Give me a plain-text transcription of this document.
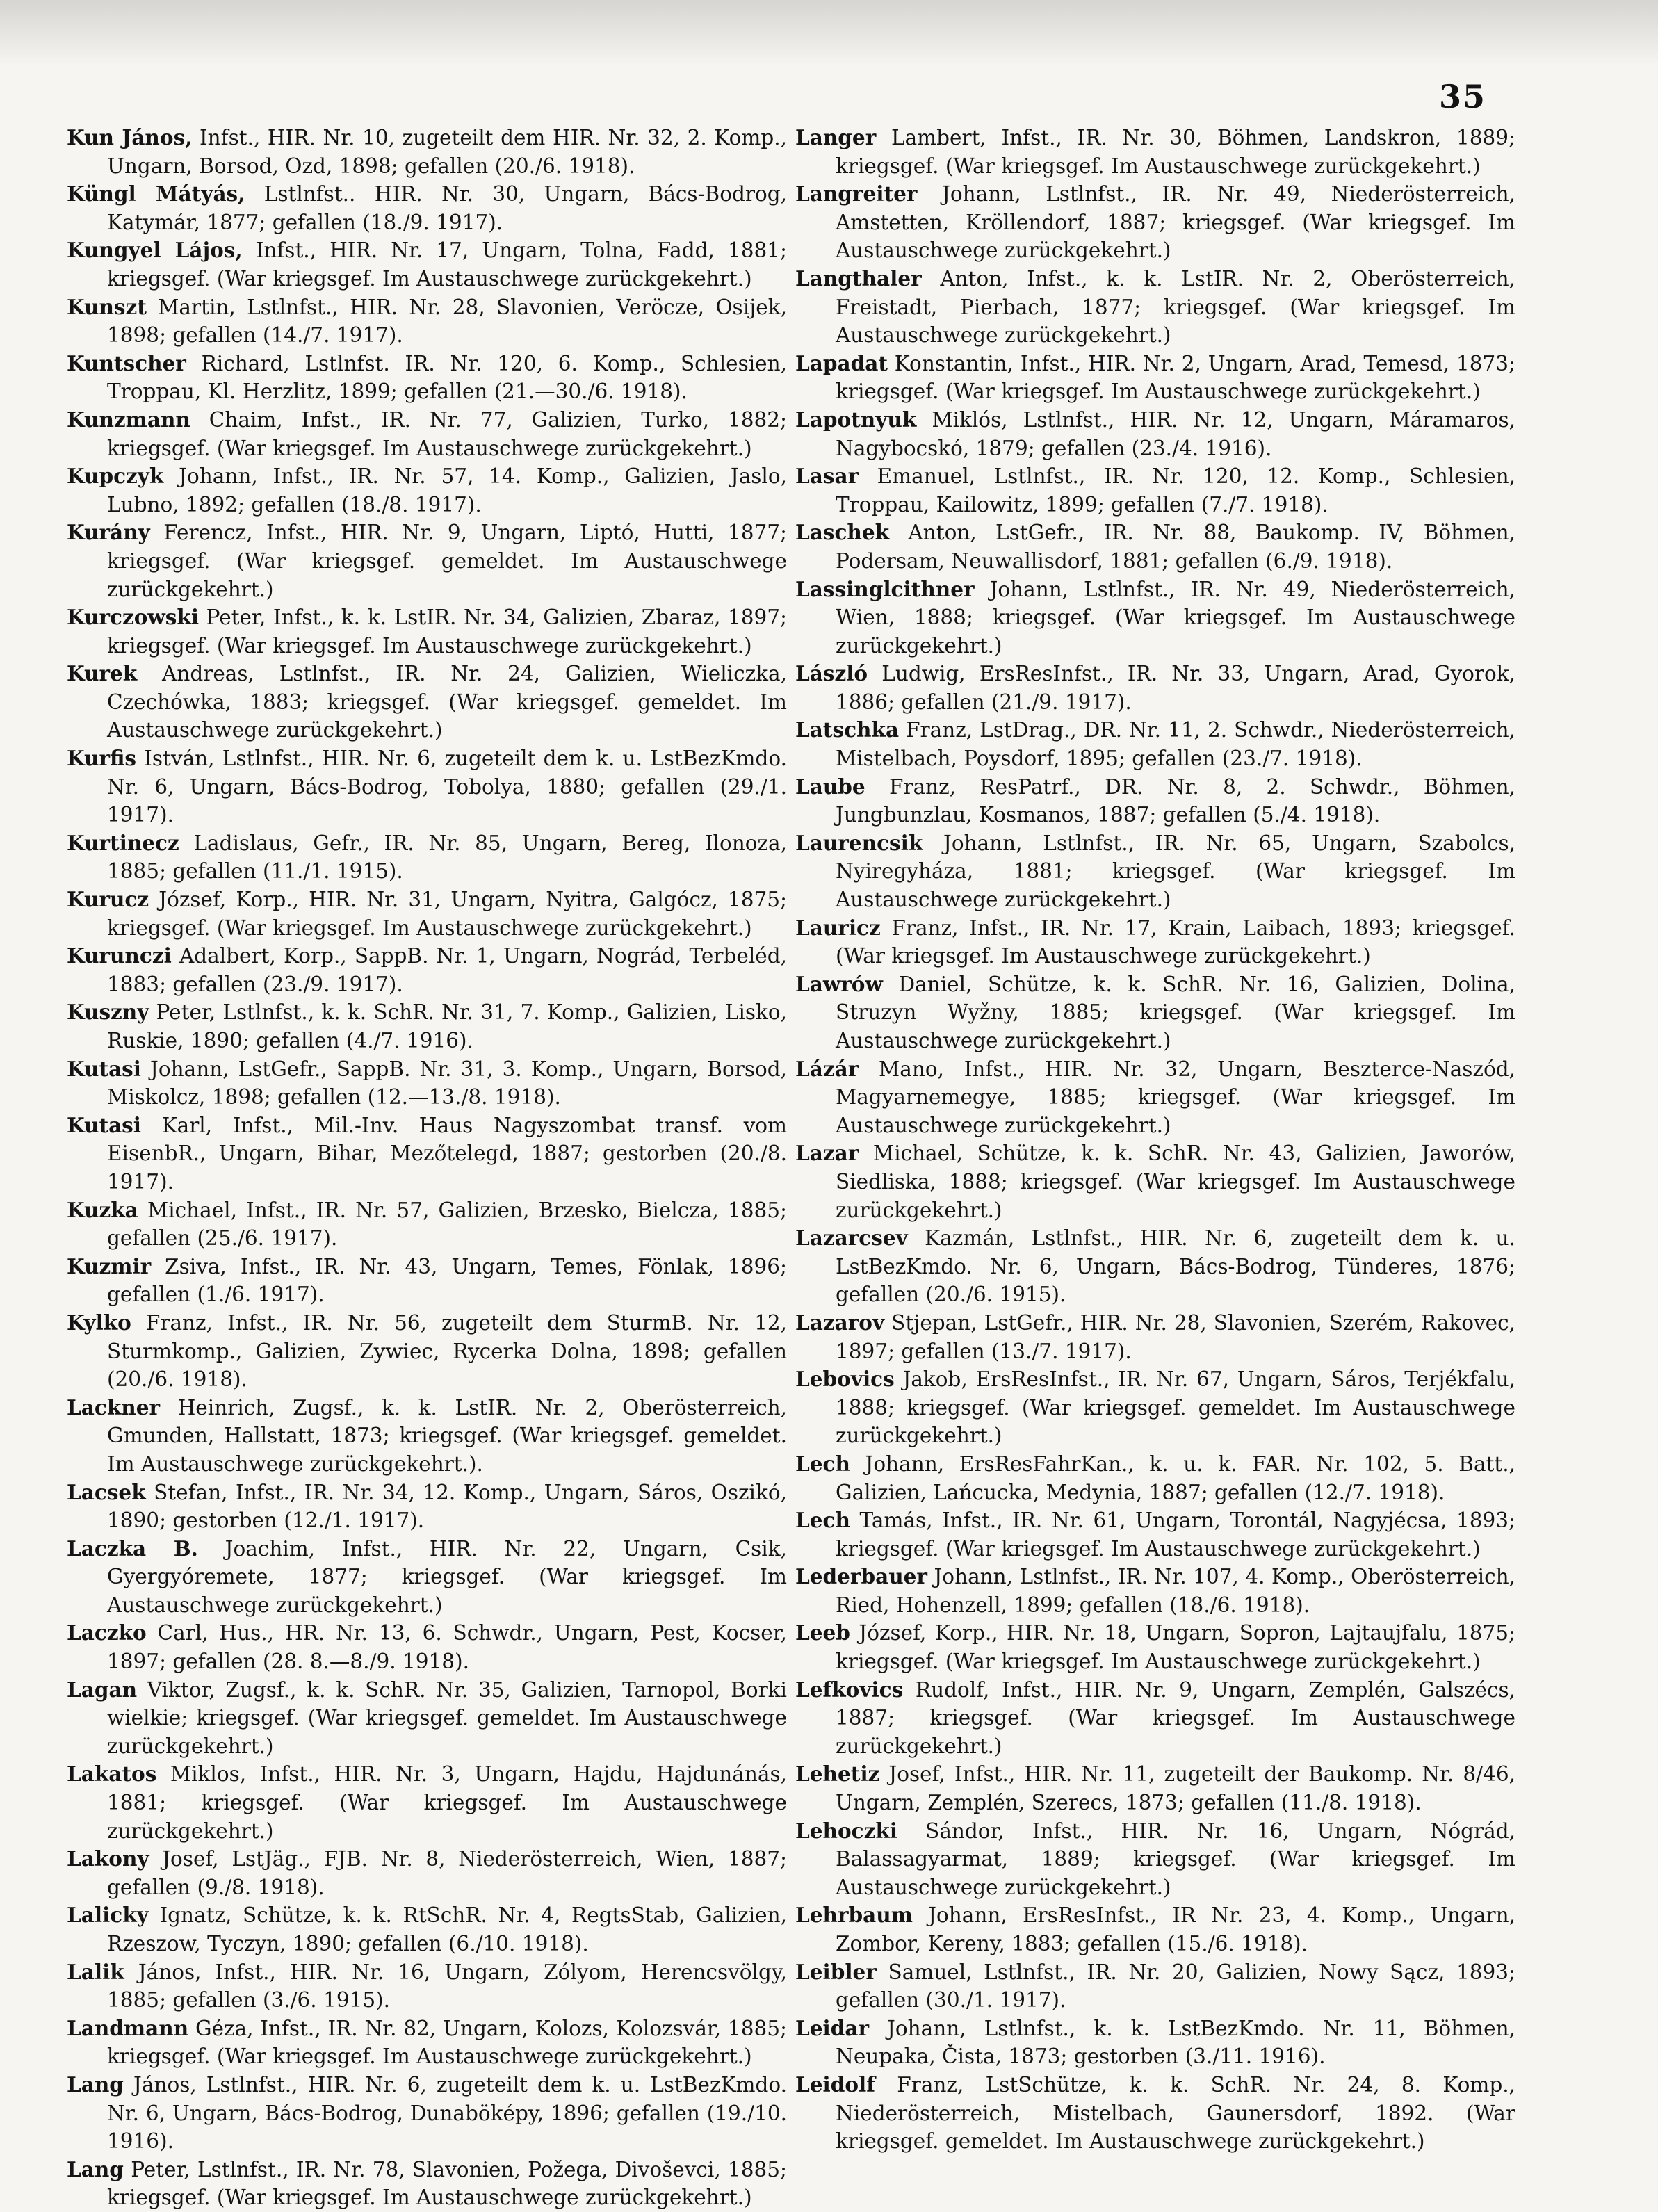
35

Kun János, Infst., HIR. Nr. 10, zugeteilt dem HIR. Nr. 32, 2. Komp., Ungarn, Borsod, Ozd, 1898; gefallen (20./6. 1918).

Küngl Mátyás, Lstlnfst.. HIR. Nr. 30, Ungarn, Bács-Bodrog, Katymár, 1877; gefallen (18./9. 1917).

Kungyel Lájos, Infst., HIR. Nr. 17, Ungarn, Tolna, Fadd, 1881; kriegsgef. (War kriegsgef. Im Austauschwege zurückgekehrt.)

Kunszt Martin, Lstlnfst., HIR. Nr. 28, Slavonien, Veröcze, Osijek, 1898; gefallen (14./7. 1917).

Kuntscher Richard, Lstlnfst. IR. Nr. 120, 6. Komp., Schlesien, Troppau, Kl. Herzlitz, 1899; gefallen (21.—30./6. 1918).

Kunzmann Chaim, Infst., IR. Nr. 77, Galizien, Turko, 1882; kriegsgef. (War kriegsgef. Im Austauschwege zurückgekehrt.)

Kupczyk Johann, Infst., IR. Nr. 57, 14. Komp., Galizien, Jaslo, Lubno, 1892; gefallen (18./8. 1917).

Kurány Ferencz, Infst., HIR. Nr. 9, Ungarn, Liptó, Hutti, 1877; kriegsgef. (War kriegsgef. gemeldet. Im Austauschwege zurückgekehrt.)

Kurczowski Peter, Infst., k. k. LstIR. Nr. 34, Galizien, Zbaraz, 1897; kriegsgef. (War kriegsgef. Im Austauschwege zurückgekehrt.)

Kurek Andreas, Lstlnfst., IR. Nr. 24, Galizien, Wieliczka, Czechówka, 1883; kriegsgef. (War kriegsgef. gemeldet. Im Austauschwege zurückgekehrt.)

Kurfis István, Lstlnfst., HIR. Nr. 6, zugeteilt dem k. u. LstBezKmdo. Nr. 6, Ungarn, Bács-Bodrog, Tobolya, 1880; gefallen (29./1. 1917).

Kurtinecz Ladislaus, Gefr., IR. Nr. 85, Ungarn, Bereg, Ilonoza, 1885; gefallen (11./1. 1915).

Kurucz József, Korp., HIR. Nr. 31, Ungarn, Nyitra, Galgócz, 1875; kriegsgef. (War kriegsgef. Im Austauschwege zurückgekehrt.)

Kurunczi Adalbert, Korp., SappB. Nr. 1, Ungarn, Nográd, Terbeléd, 1883; gefallen (23./9. 1917).

Kuszny Peter, Lstlnfst., k. k. SchR. Nr. 31, 7. Komp., Galizien, Lisko, Ruskie, 1890; gefallen (4./7. 1916).

Kutasi Johann, LstGefr., SappB. Nr. 31, 3. Komp., Ungarn, Borsod, Miskolcz, 1898; gefallen (12.—13./8. 1918).

Kutasi Karl, Infst., Mil.-Inv. Haus Nagyszombat transf. vom EisenbR., Ungarn, Bihar, Mezőtelegd, 1887; gestorben (20./8. 1917).

Kuzka Michael, Infst., IR. Nr. 57, Galizien, Brzesko, Bielcza, 1885; gefallen (25./6. 1917).

Kuzmir Zsiva, Infst., IR. Nr. 43, Ungarn, Temes, Fönlak, 1896; gefallen (1./6. 1917).

Kylko Franz, Infst., IR. Nr. 56, zugeteilt dem SturmB. Nr. 12, Sturmkomp., Galizien, Zywiec, Rycerka Dolna, 1898; gefallen (20./6. 1918).

Lackner Heinrich, Zugsf., k. k. LstIR. Nr. 2, Oberösterreich, Gmunden, Hallstatt, 1873; kriegsgef. (War kriegsgef. gemeldet. Im Austauschwege zurückgekehrt.).

Lacsek Stefan, Infst., IR. Nr. 34, 12. Komp., Ungarn, Sáros, Oszikó, 1890; gestorben (12./1. 1917).

Laczka B. Joachim, Infst., HIR. Nr. 22, Ungarn, Csik, Gyergyóremete, 1877; kriegsgef. (War kriegsgef. Im Austauschwege zurückgekehrt.)

Laczko Carl, Hus., HR. Nr. 13, 6. Schwdr., Ungarn, Pest, Kocser, 1897; gefallen (28. 8.—8./9. 1918).

Lagan Viktor, Zugsf., k. k. SchR. Nr. 35, Galizien, Tarnopol, Borki wielkie; kriegsgef. (War kriegsgef. gemeldet. Im Austauschwege zurückgekehrt.)

Lakatos Miklos, Infst., HIR. Nr. 3, Ungarn, Hajdu, Hajdunánás, 1881; kriegsgef. (War kriegsgef. Im Austauschwege zurückgekehrt.)

Lakony Josef, LstJäg., FJB. Nr. 8, Niederösterreich, Wien, 1887; gefallen (9./8. 1918).

Lalicky Ignatz, Schütze, k. k. RtSchR. Nr. 4, RegtsStab, Galizien, Rzeszow, Tyczyn, 1890; gefallen (6./10. 1918).

Lalik János, Infst., HIR. Nr. 16, Ungarn, Zólyom, Herencsvölgy, 1885; gefallen (3./6. 1915).

Landmann Géza, Infst., IR. Nr. 82, Ungarn, Kolozs, Kolozsvár, 1885; kriegsgef. (War kriegsgef. Im Austauschwege zurückgekehrt.)

Lang János, Lstlnfst., HIR. Nr. 6, zugeteilt dem k. u. LstBezKmdo. Nr. 6, Ungarn, Bács-Bodrog, Dunaböképy, 1896; gefallen (19./10. 1916).

Lang Peter, Lstlnfst., IR. Nr. 78, Slavonien, Požega, Divoševci, 1885; kriegsgef. (War kriegsgef. Im Austauschwege zurückgekehrt.)

Langer Lambert, Infst., IR. Nr. 30, Böhmen, Landskron, 1889; kriegsgef. (War kriegsgef. Im Austauschwege zurückgekehrt.)

Langreiter Johann, Lstlnfst., IR. Nr. 49, Niederösterreich, Amstetten, Kröllendorf, 1887; kriegsgef. (War kriegsgef. Im Austauschwege zurückgekehrt.)

Langthaler Anton, Infst., k. k. LstIR. Nr. 2, Oberösterreich, Freistadt, Pierbach, 1877; kriegsgef. (War kriegsgef. Im Austauschwege zurückgekehrt.)

Lapadat Konstantin, Infst., HIR. Nr. 2, Ungarn, Arad, Temesd, 1873; kriegsgef. (War kriegsgef. Im Austauschwege zurückgekehrt.)

Lapotnyuk Miklós, Lstlnfst., HIR. Nr. 12, Ungarn, Máramaros, Nagybocskó, 1879; gefallen (23./4. 1916).

Lasar Emanuel, Lstlnfst., IR. Nr. 120, 12. Komp., Schlesien, Troppau, Kailowitz, 1899; gefallen (7./7. 1918).

Laschek Anton, LstGefr., IR. Nr. 88, Baukomp. IV, Böhmen, Podersam, Neuwallisdorf, 1881; gefallen (6./9. 1918).

Lassinglcithner Johann, Lstlnfst., IR. Nr. 49, Niederösterreich, Wien, 1888; kriegsgef. (War kriegsgef. Im Austauschwege zurückgekehrt.)

László Ludwig, ErsResInfst., IR. Nr. 33, Ungarn, Arad, Gyorok, 1886; gefallen (21./9. 1917).

Latschka Franz, LstDrag., DR. Nr. 11, 2. Schwdr., Niederösterreich, Mistelbach, Poysdorf, 1895; gefallen (23./7. 1918).

Laube Franz, ResPatrf., DR. Nr. 8, 2. Schwdr., Böhmen, Jungbunzlau, Kosmanos, 1887; gefallen (5./4. 1918).

Laurencsik Johann, Lstlnfst., IR. Nr. 65, Ungarn, Szabolcs, Nyiregyháza, 1881; kriegsgef. (War kriegsgef. Im Austauschwege zurückgekehrt.)

Lauricz Franz, Infst., IR. Nr. 17, Krain, Laibach, 1893; kriegsgef. (War kriegsgef. Im Austauschwege zurückgekehrt.)

Lawrów Daniel, Schütze, k. k. SchR. Nr. 16, Galizien, Dolina, Struzyn Wyžny, 1885; kriegsgef. (War kriegsgef. Im Austauschwege zurückgekehrt.)

Lázár Mano, Infst., HIR. Nr. 32, Ungarn, Beszterce-Naszód, Magyarnemegye, 1885; kriegsgef. (War kriegsgef. Im Austauschwege zurückgekehrt.)

Lazar Michael, Schütze, k. k. SchR. Nr. 43, Galizien, Jaworów, Siedliska, 1888; kriegsgef. (War kriegsgef. Im Austauschwege zurückgekehrt.)

Lazarcsev Kazmán, Lstlnfst., HIR. Nr. 6, zugeteilt dem k. u. LstBezKmdo. Nr. 6, Ungarn, Bács-Bodrog, Tünderes, 1876; gefallen (20./6. 1915).

Lazarov Stjepan, LstGefr., HIR. Nr. 28, Slavonien, Szerém, Rakovec, 1897; gefallen (13./7. 1917).

Lebovics Jakob, ErsResInfst., IR. Nr. 67, Ungarn, Sáros, Terjékfalu, 1888; kriegsgef. (War kriegsgef. gemeldet. Im Austauschwege zurückgekehrt.)

Lech Johann, ErsResFahrKan., k. u. k. FAR. Nr. 102, 5. Batt., Galizien, Lańcucka, Medynia, 1887; gefallen (12./7. 1918).

Lech Tamás, Infst., IR. Nr. 61, Ungarn, Torontál, Nagyjécsa, 1893; kriegsgef. (War kriegsgef. Im Austauschwege zurückgekehrt.)

Lederbauer Johann, Lstlnfst., IR. Nr. 107, 4. Komp., Oberösterreich, Ried, Hohenzell, 1899; gefallen (18./6. 1918).

Leeb József, Korp., HIR. Nr. 18, Ungarn, Sopron, Lajtaujfalu, 1875; kriegsgef. (War kriegsgef. Im Austauschwege zurückgekehrt.)

Lefkovics Rudolf, Infst., HIR. Nr. 9, Ungarn, Zemplén, Galszécs, 1887; kriegsgef. (War kriegsgef. Im Austauschwege zurückgekehrt.)

Lehetiz Josef, Infst., HIR. Nr. 11, zugeteilt der Baukomp. Nr. 8/46, Ungarn, Zemplén, Szerecs, 1873; gefallen (11./8. 1918).

Lehoczki Sándor, Infst., HIR. Nr. 16, Ungarn, Nógrád, Balassagyarmat, 1889; kriegsgef. (War kriegsgef. Im Austauschwege zurückgekehrt.)

Lehrbaum Johann, ErsResInfst., IR Nr. 23, 4. Komp., Ungarn, Zombor, Kereny, 1883; gefallen (15./6. 1918).

Leibler Samuel, Lstlnfst., IR. Nr. 20, Galizien, Nowy Sącz, 1893; gefallen (30./1. 1917).

Leidar Johann, Lstlnfst., k. k. LstBezKmdo. Nr. 11, Böhmen, Neupaka, Čista, 1873; gestorben (3./11. 1916).

Leidolf Franz, LstSchütze, k. k. SchR. Nr. 24, 8. Komp., Niederösterreich, Mistelbach, Gaunersdorf, 1892. (War kriegsgef. gemeldet. Im Austauschwege zurückgekehrt.)
